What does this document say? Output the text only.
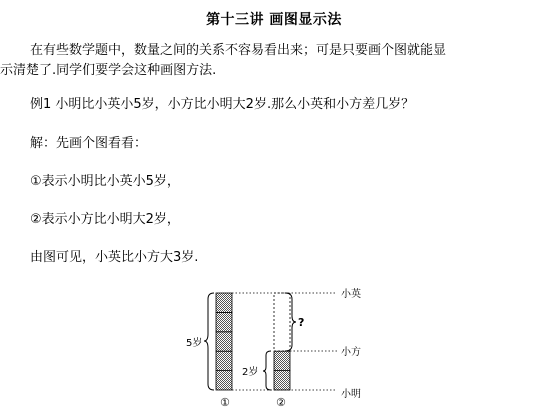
第十三讲 画图显示法
在有些数学题中，数量之间的关系不容易看出来；可是只要画个图就能显
示清楚了.同学们要学会这种画图方法.
例1 小明比小英小5岁，小方比小明大2岁.那么小英和小方差几岁？
解：先画个图看看：
①表示小明比小英小5岁，
②表示小方比小明大2岁，
由图可见，小英比小方大3岁.
5岁
2岁
?
小英
小方
小明
①	②
